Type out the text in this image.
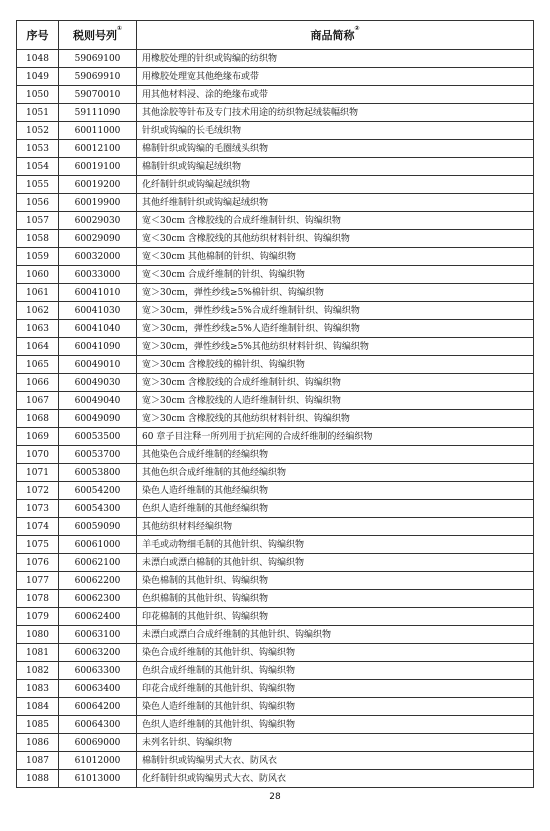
序号	税则号列①	商品简称②
1048	59069100	用橡胶处理的针织或钩编的纺织物
1049	59069910	用橡胶处理宽其他绝缘布或带
1050	59070010	用其他材料浸、涂的绝缘布或带
1051	59111090	其他涂胶等针布及专门技术用途的纺织物起绒装幅织物
1052	60011000	针织或钩编的长毛绒织物
1053	60012100	棉制针织或钩编的毛圈绒头织物
1054	60019100	棉制针织或钩编起绒织物
1055	60019200	化纤制针织或钩编起绒织物
1056	60019900	其他纤维制针织或钩编起绒织物
1057	60029030	宽＜30cm 含橡胶线的合成纤维制针织、钩编织物
1058	60029090	宽＜30cm 含橡胶线的其他纺织材料针织、钩编织物
1059	60032000	宽＜30cm 其他棉制的针织、钩编织物
1060	60033000	宽＜30cm 合成纤维制的针织、钩编织物
1061	60041010	宽＞30cm，弹性纱线≥5%棉针织、钩编织物
1062	60041030	宽＞30cm，弹性纱线≥5%合成纤维制针织、钩编织物
1063	60041040	宽＞30cm，弹性纱线≥5%人造纤维制针织、钩编织物
1064	60041090	宽＞30cm，弹性纱线≥5%其他纺织材料针织、钩编织物
1065	60049010	宽＞30cm 含橡胶线的棉针织、钩编织物
1066	60049030	宽＞30cm 含橡胶线的合成纤维制针织、钩编织物
1067	60049040	宽＞30cm 含橡胶线的人造纤维制针织、钩编织物
1068	60049090	宽＞30cm 含橡胶线的其他纺织材料针织、钩编织物
1069	60053500	60 章子目注释一所列用于抗疟网的合成纤维制的经编织物
1070	60053700	其他染色合成纤维制的经编织物
1071	60053800	其他色织合成纤维制的其他经编织物
1072	60054200	染色人造纤维制的其他经编织物
1073	60054300	色织人造纤维制的其他经编织物
1074	60059090	其他纺织材料经编织物
1075	60061000	羊毛或动物细毛制的其他针织、钩编织物
1076	60062100	未漂白或漂白棉制的其他针织、钩编织物
1077	60062200	染色棉制的其他针织、钩编织物
1078	60062300	色织棉制的其他针织、钩编织物
1079	60062400	印花棉制的其他针织、钩编织物
1080	60063100	未漂白或漂白合成纤维制的其他针织、钩编织物
1081	60063200	染色合成纤维制的其他针织、钩编织物
1082	60063300	色织合成纤维制的其他针织、钩编织物
1083	60063400	印花合成纤维制的其他针织、钩编织物
1084	60064200	染色人造纤维制的其他针织、钩编织物
1085	60064300	色织人造纤维制的其他针织、钩编织物
1086	60069000	未列名针织、钩编织物
1087	61012000	棉制针织或钩编男式大衣、防风衣
1088	61013000	化纤制针织或钩编男式大衣、防风衣
28
